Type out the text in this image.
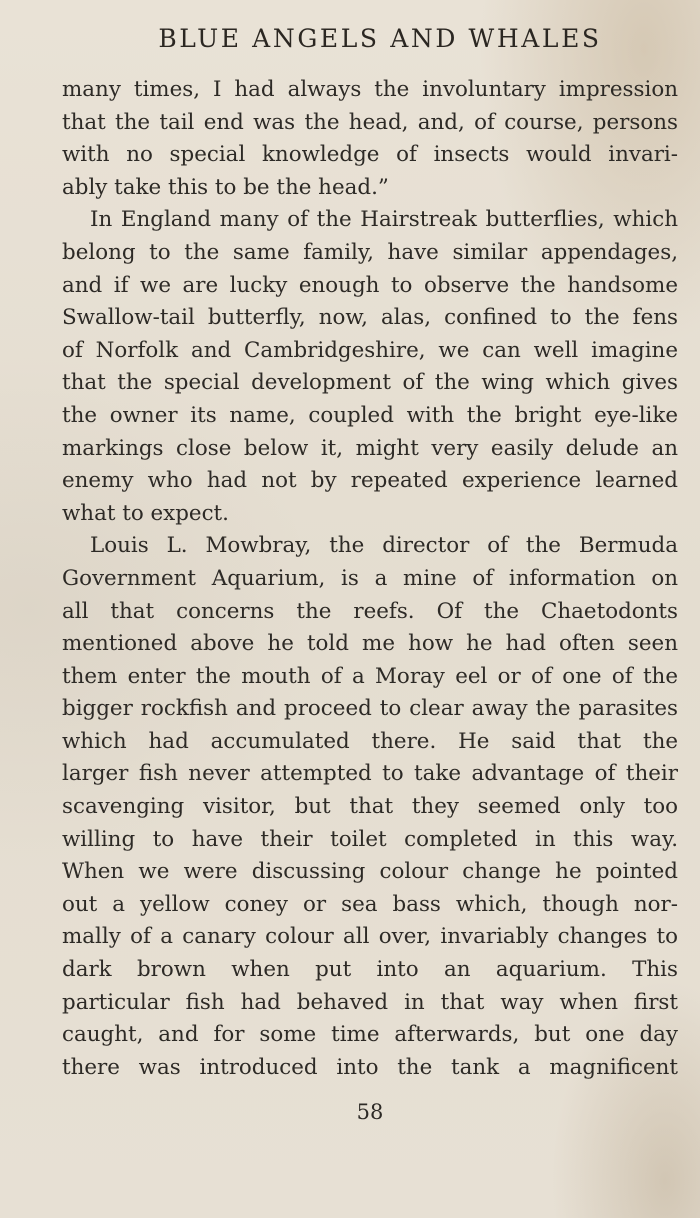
BLUE ANGELS AND WHALES
many times, I had always the involuntary impression
that the tail end was the head, and, of course, persons
with no special knowledge of insects would invari-
ably take this to be the head.”
In England many of the Hairstreak butterflies, which
belong to the same family, have similar appendages,
and if we are lucky enough to observe the handsome
Swallow-tail butterfly, now, alas, confined to the fens
of Norfolk and Cambridgeshire, we can well imagine
that the special development of the wing which gives
the owner its name, coupled with the bright eye-like
markings close below it, might very easily delude an
enemy who had not by repeated experience learned
what to expect.
Louis L. Mowbray, the director of the Bermuda
Government Aquarium, is a mine of information on
all that concerns the reefs. Of the Chaetodonts
mentioned above he told me how he had often seen
them enter the mouth of a Moray eel or of one of the
bigger rockfish and proceed to clear away the parasites
which had accumulated there. He said that the
larger fish never attempted to take advantage of their
scavenging visitor, but that they seemed only too
willing to have their toilet completed in this way.
When we were discussing colour change he pointed
out a yellow coney or sea bass which, though nor-
mally of a canary colour all over, invariably changes to
dark brown when put into an aquarium. This
particular fish had behaved in that way when first
caught, and for some time afterwards, but one day
there was introduced into the tank a magnificent
58
